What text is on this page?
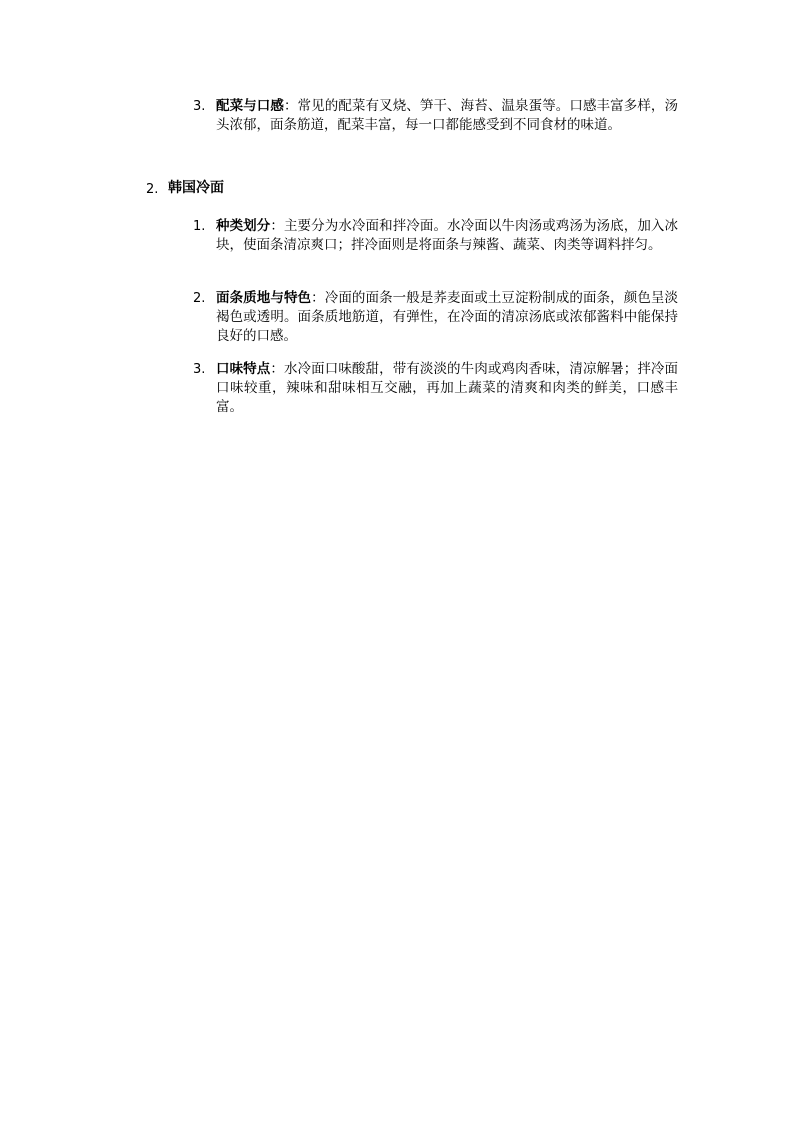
3. 配菜与口感：常见的配菜有叉烧、笋干、海苔、温泉蛋等。口感丰富多样，汤头浓郁，面条筋道，配菜丰富，每一口都能感受到不同食材的味道。
2. 韩国冷面
1. 种类划分：主要分为水冷面和拌冷面。水冷面以牛肉汤或鸡汤为汤底，加入冰块，使面条清凉爽口；拌冷面则是将面条与辣酱、蔬菜、肉类等调料拌匀。
2. 面条质地与特色：冷面的面条一般是荞麦面或土豆淀粉制成的面条，颜色呈淡褐色或透明。面条质地筋道，有弹性，在冷面的清凉汤底或浓郁酱料中能保持良好的口感。
3. 口味特点：水冷面口味酸甜，带有淡淡的牛肉或鸡肉香味，清凉解暑；拌冷面口味较重，辣味和甜味相互交融，再加上蔬菜的清爽和肉类的鲜美，口感丰富。
